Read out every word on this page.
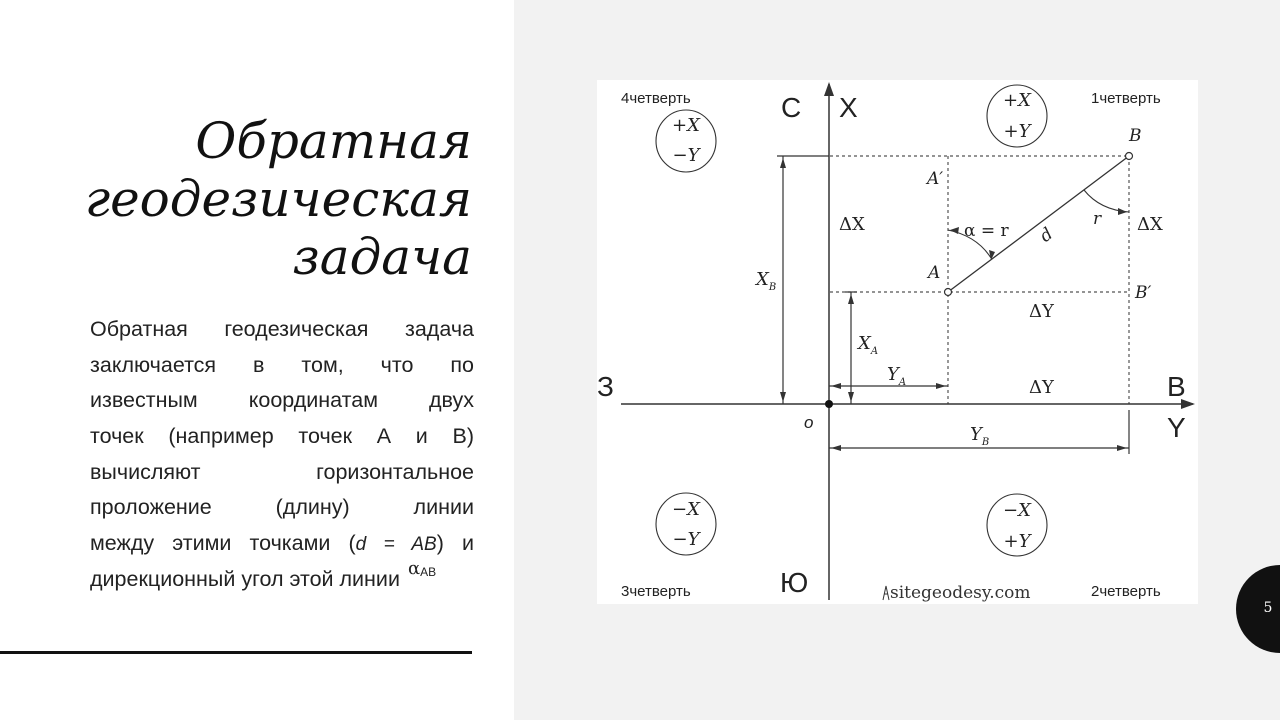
Обратная
геодезическая
задача
Обратная геодезическая задача
заключается в том, что по
известным координатам двух
точек (например точек А и В)
вычисляют горизонтальное
проложение (длину) линии
между этими точками (d = AB) и
дирекционный угол этой линии $^{\alpha_{AB}}$
+X
−Y
+X
+Y
−X
−Y
−X
+Y
4четверть	1четверть
3четверть	2четверть
С X
З	В
Y
Ю
o
B
A′
A
B′
ΔX	ΔX
ΔY
ΔY
α = r
r
d
$X_B$
$X_A$
$Y_A$
$Y_B$
sitegeodesy.com
5
